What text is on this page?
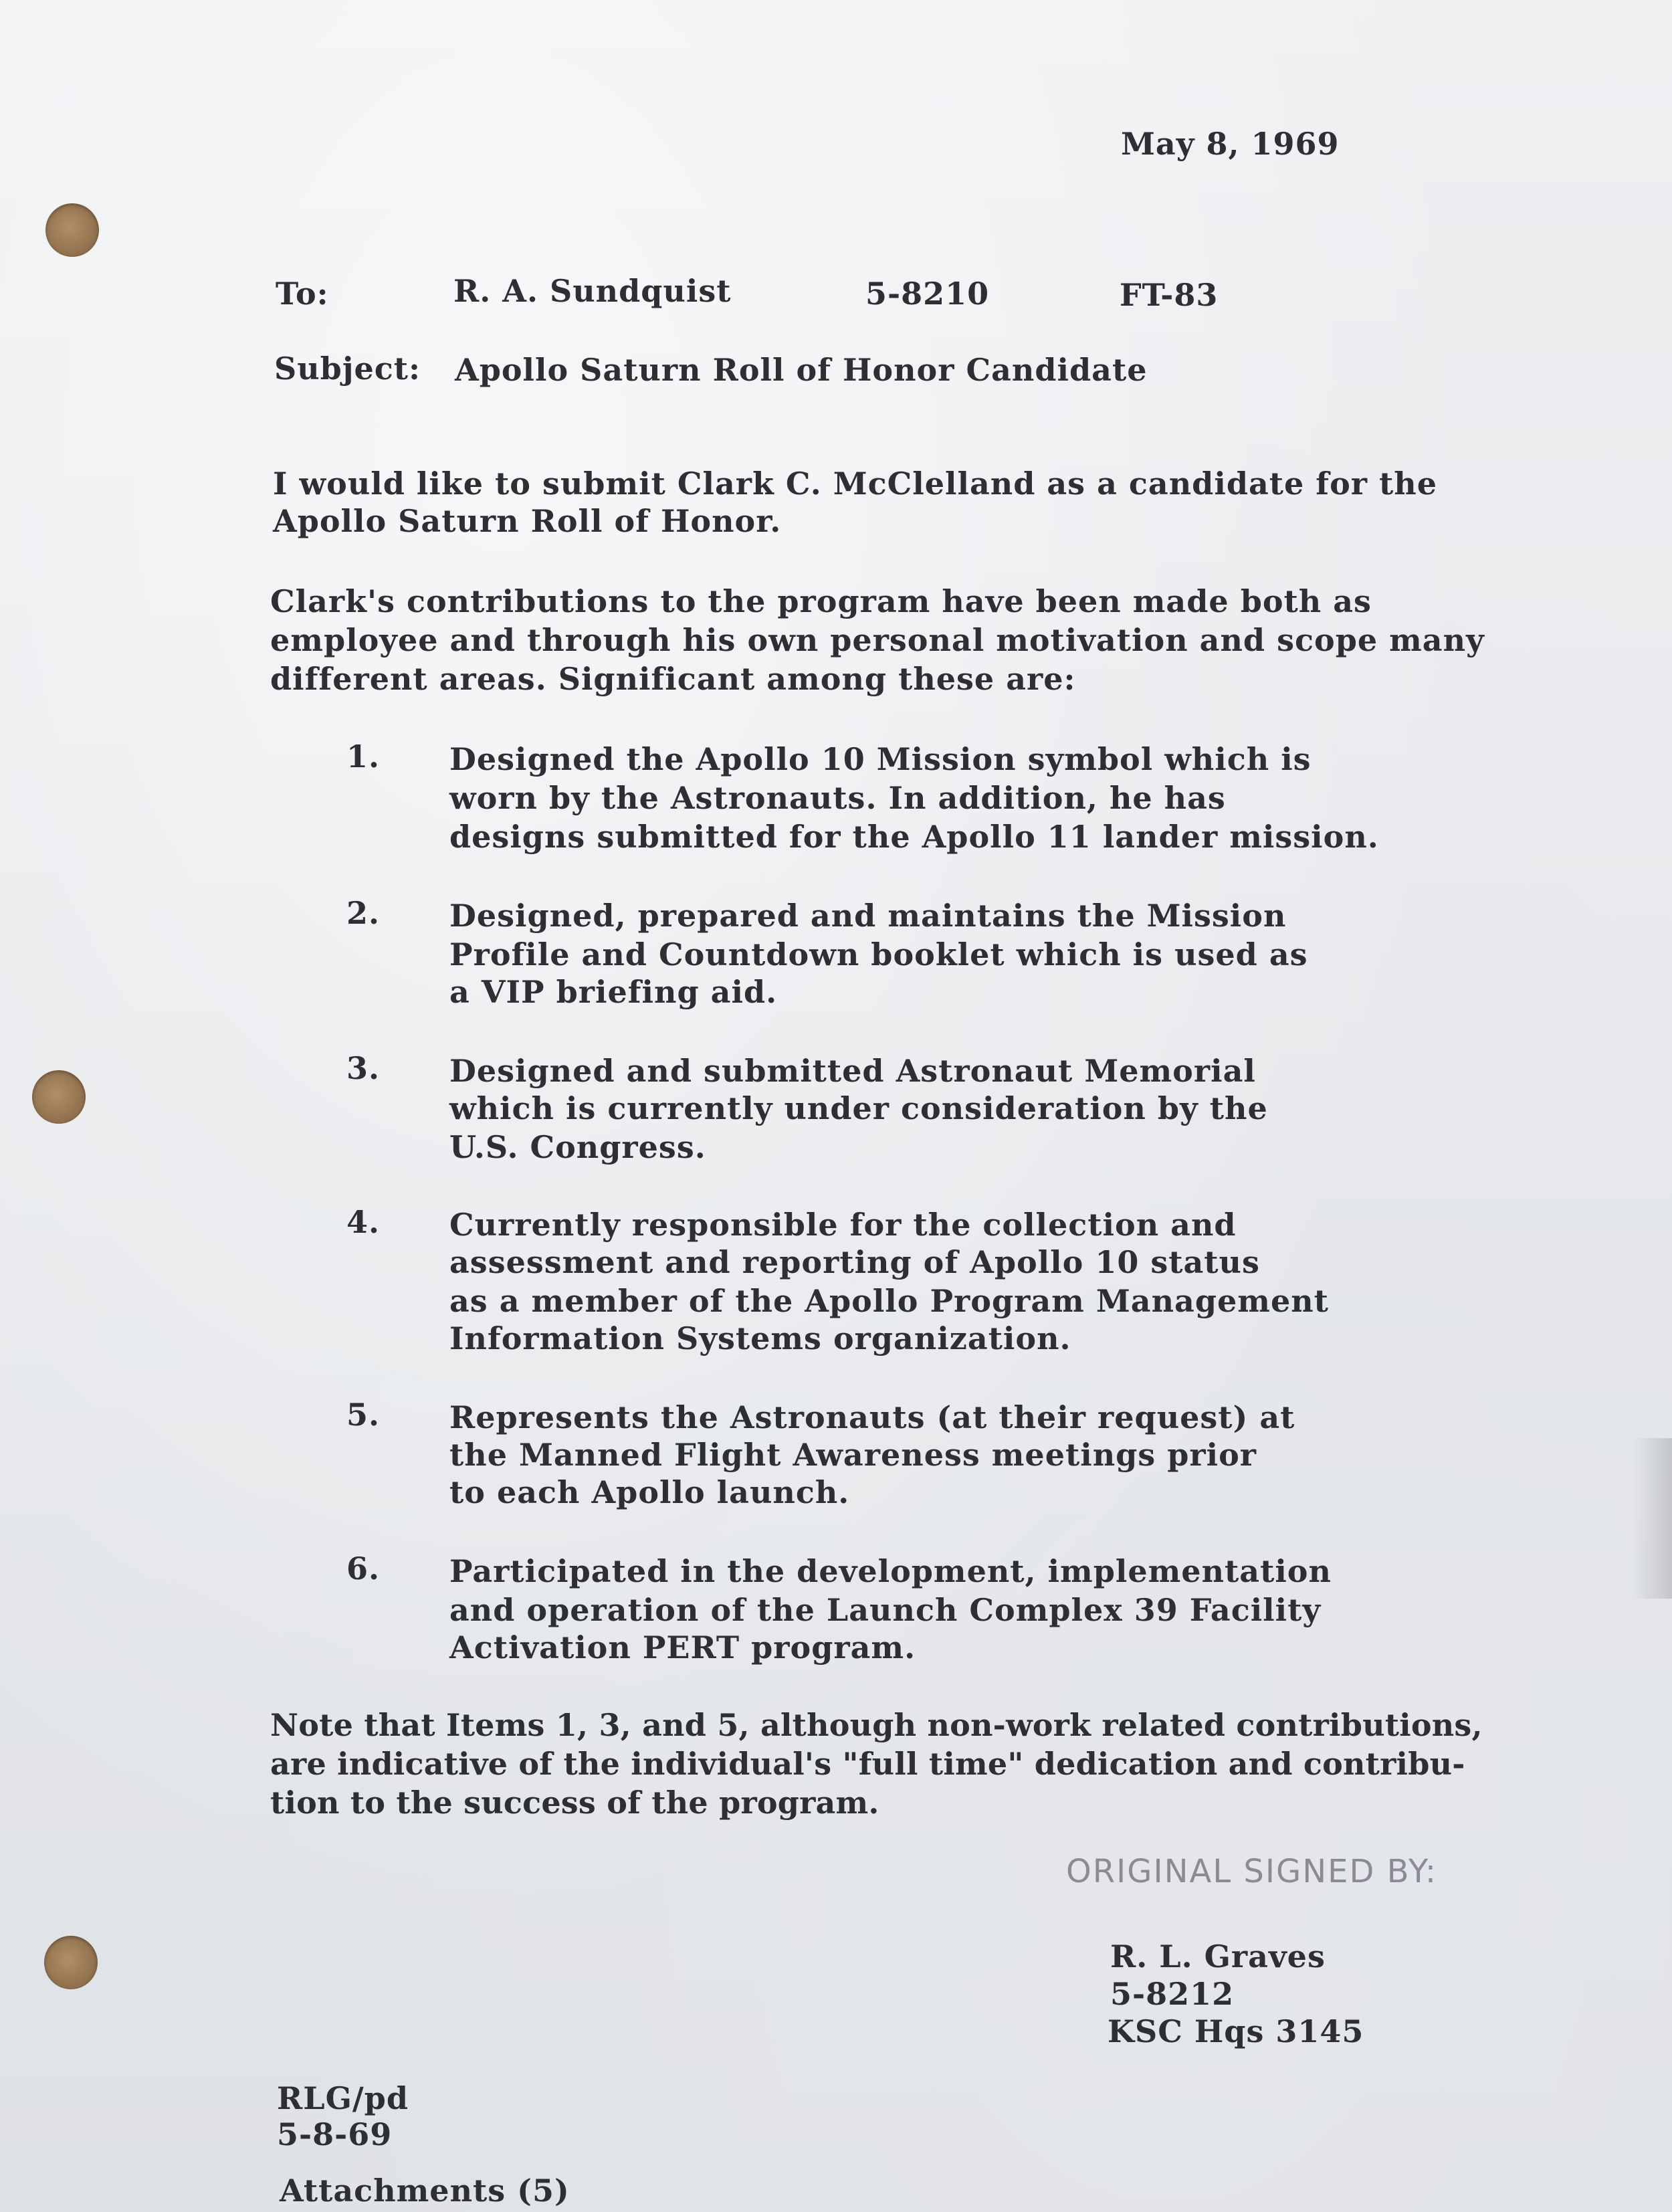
May 8, 1969
To:	R. A. Sundquist	5-8210	FT-83
Subject: Apollo Saturn Roll of Honor Candidate
I would like to submit Clark C. McClelland as a candidate for the
Apollo Saturn Roll of Honor.
Clark's contributions to the program have been made both as
employee and through his own personal motivation and scope many
different areas. Significant among these are:
1. Designed the Apollo 10 Mission symbol which is
worn by the Astronauts. In addition, he has
designs submitted for the Apollo 11 lander mission.
2. Designed, prepared and maintains the Mission
Profile and Countdown booklet which is used as
a VIP briefing aid.
3. Designed and submitted Astronaut Memorial
which is currently under consideration by the
U.S. Congress.
4. Currently responsible for the collection and
assessment and reporting of Apollo 10 status
as a member of the Apollo Program Management
Information Systems organization.
5. Represents the Astronauts (at their request) at
the Manned Flight Awareness meetings prior
to each Apollo launch.
6. Participated in the development, implementation
and operation of the Launch Complex 39 Facility
Activation PERT program.
Note that Items 1, 3, and 5, although non-work related contributions,
are indicative of the individual's "full time" dedication and contribu-
tion to the success of the program.
ORIGINAL SIGNED BY:
R. L. Graves
5-8212
KSC Hqs 3145
RLG/pd
5-8-69
Attachments (5)
